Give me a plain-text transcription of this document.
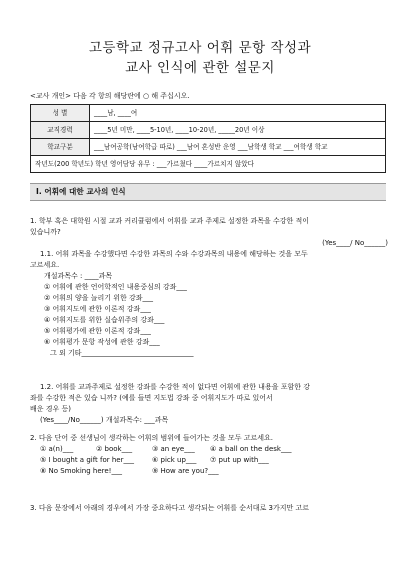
고등학교 정규고사 어휘 문항 작성과
교사 인식에 관한 설문지
<교사 개인> 다음 각 항의 해당란에 ○ 해 주십시오.
성 별	____남, ____여
교직경력	____5년 미만, ____5-10년, ____10-20년, _____20년 이상
학교구분	___남여공학(남여학급 따로) ___남여 혼성반 운영 ___남학생 학교 ___여학생 학교
작년도(200 학년도) 학년 영어담당 유무 : ___가르쳤다 ____가르치지 않았다	
I. 어휘에 대한 교사의 인식
1. 학부 혹은 대학원 시절 교과 커리큘럼에서 어휘를 교과 주제로 설정한 과목을 수강한 적이
있습니까?
(Yes____/ No______)
1.1. 어휘 과목을 수강했다면 수강한 과목의 수와 수강과목의 내용에 해당하는 것을 모두
고르세요.
개설과목수 : ____과목
① 어휘에 관한 언어학적인 내용중심의 강좌___
② 어휘의 양을 늘리기 위한 강좌___
③ 어휘지도에 관한 이론적 강좌___
④ 어휘지도를 위한 실습위주의 강좌___
⑤ 어휘평가에 관한 이론적 강좌___
⑥ 어휘평가 문항 작성에 관한 강좌___
그 외 기타________________________________
1.2. 어휘를 교과주제로 설정한 강좌를 수강한 적이 없다면 어휘에 관한 내용을 포함한 강
좌를 수강한 적은 있습 니까? (예를 들면 지도법 강좌 중 어휘지도가 따로 있어서
배운 경우 등)
(Yes____/No______) 개설과목수: ___과목
2. 다음 단어 중 선생님이 생각하는 어휘의 범위에 들어가는 것을 모두 고르세요.
① a(n)___	② book___	③ an eye___	④ a ball on the desk___
⑤ I bought a gift for her___	⑥ pick up___	⑦ put up with___
⑧ No Smoking here!___	⑨ How are you?___
3. 다음 문장에서 아래의 경우에서 가장 중요하다고 생각되는 어휘를 순서대로 3가지만 고르
